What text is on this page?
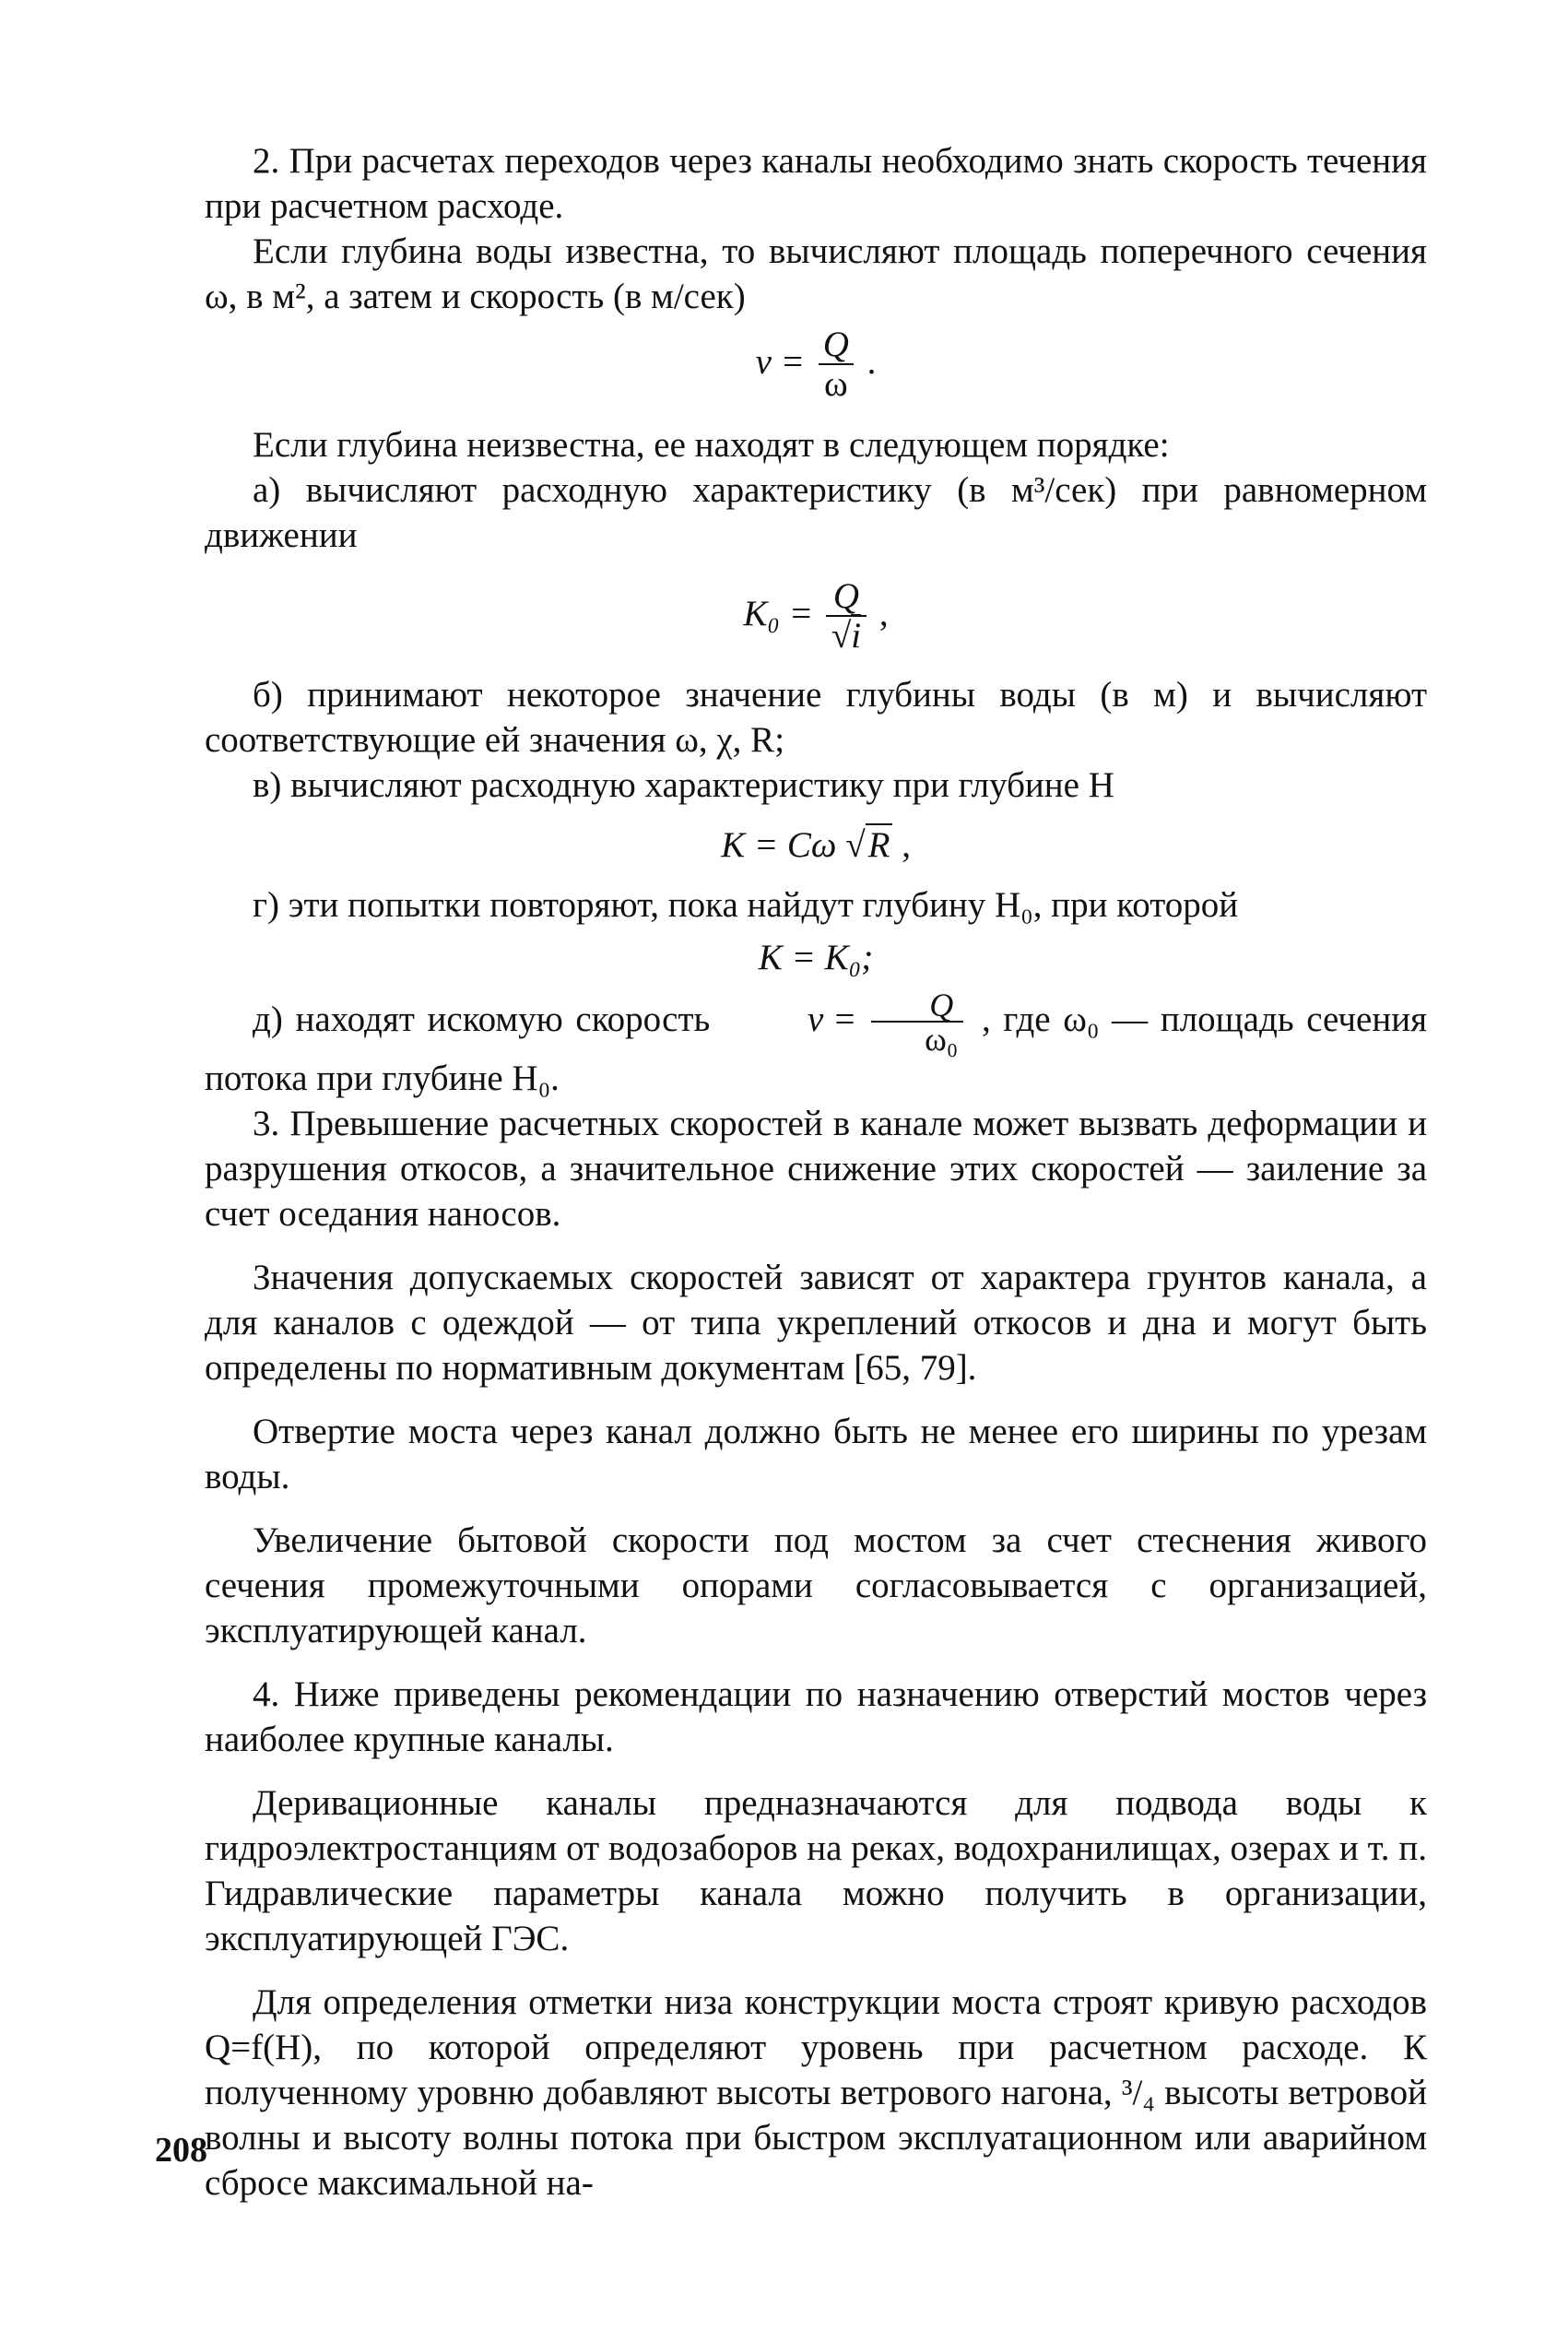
2. При расчетах переходов через каналы необходимо знать скорость течения при расчетном расходе.

Если глубина воды известна, то вычисляют площадь поперечного сечения ω, в м², а затем и скорость (в м/сек)

$v = \frac{Q}{\omega}$ .

Если глубина неизвестна, ее находят в следующем порядке:

а) вычисляют расходную характеристику (в м³/сек) при равномерном движении

$K_0 = \frac{Q}{√i}$ ,

б) принимают некоторое значение глубины воды (в м) и вычисляют соответствующие ей значения ω, χ, R;

в) вычисляют расходную характеристику при глубине H

K = Cω √R ,

г) эти попытки повторяют, пока найдут глубину H₀, при которой

K = K₀;

д) находят искомую скорость	$v = \frac{Q}{\text{ω₀}}$ , где ω₀ — площадь сечения потока при глубине H₀.

3. Превышение расчетных скоростей в канале может вызвать деформации и разрушения откосов, а значительное снижение этих скоростей — заиление за счет оседания наносов.

Значения допускаемых скоростей зависят от характера грунтов канала, а для каналов с одеждой — от типа укреплений откосов и дна и могут быть определены по нормативным документам [65, 79].

Отвертие моста через канал должно быть не менее его ширины по урезам воды.

Увеличение бытовой скорости под мостом за счет стеснения живого сечения промежуточными опорами согласовывается с организацией, эксплуатирующей канал.

4. Ниже приведены рекомендации по назначению отверстий мостов через наиболее крупные каналы.

Деривационные каналы предназначаются для подвода воды к гидроэлектростанциям от водозаборов на реках, водохранилищах, озерах и т. п. Гидравлические параметры канала можно получить в организации, эксплуатирующей ГЭС.

Для определения отметки низа конструкции моста строят кривую расходов Q=f(H), по которой определяют уровень при расчетном расходе. К полученному уровню добавляют высоты ветрового нагона, ³/₄ высоты ветровой волны и высоту волны потока при быстром эксплуатационном или аварийном сбросе максимальной на-

208
